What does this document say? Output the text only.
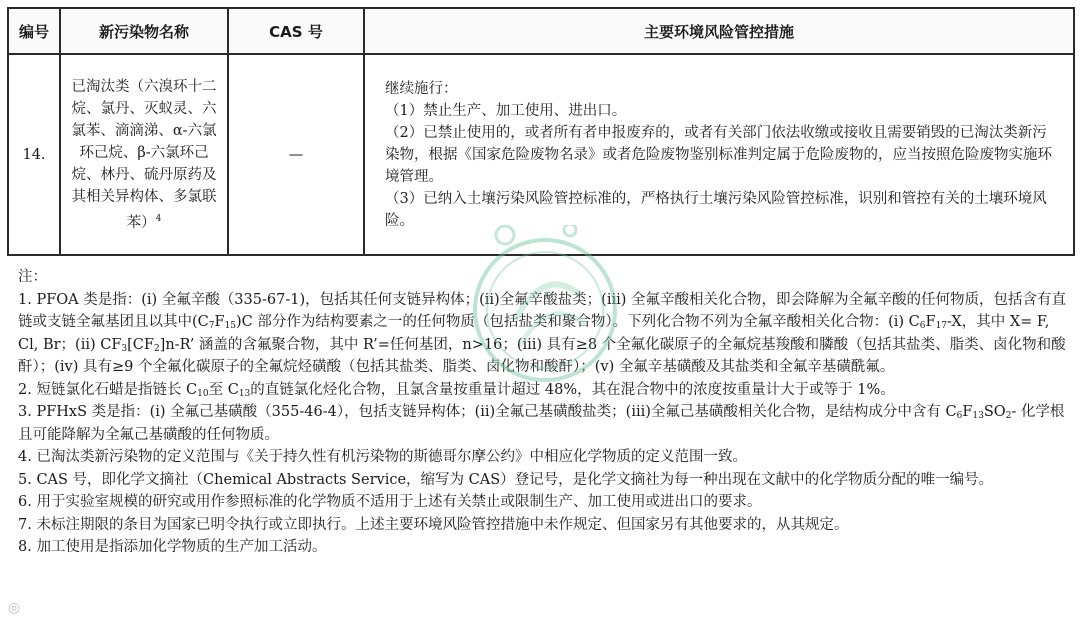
编号	新污染物名称	CAS 号	主要环境风险管控措施
14.	已淘汰类（六溴环十二烷、氯丹、灭蚁灵、六氯苯、滴滴涕、α-六氯环己烷、β-六氯环己烷、林丹、硫丹原药及其相关异构体、多氯联苯）$^4$	—	继续施行：
（1）禁止生产、加工使用、进出口。
（2）已禁止使用的，或者所有者申报废弃的，或者有关部门依法收缴或接收且需要销毁的已淘汰类新污染物，根据《国家危险废物名录》或者危险废物鉴别标准判定属于危险废物的，应当按照危险废物实施环境管理。
（3）已纳入土壤污染风险管控标准的，严格执行土壤污染风险管控标准，识别和管控有关的土壤环境风险。
注：
1. PFOA 类是指：(i) 全氟辛酸（335-67-1)，包括其任何支链异构体；(ii)全氟辛酸盐类；(iii) 全氟辛酸相关化合物，即会降解为全氟辛酸的任何物质，包括含有直链或支链全氟基团且以其中$(C_7F_{15})C$ 部分作为结构要素之一的任何物质（包括盐类和聚合物）。下列化合物不列为全氟辛酸相关化合物：(i) $C_6F_{17}-X$，其中 X= F, Cl, Br；(ii) $CF_3[CF_2]n-R$’ 涵盖的含氟聚合物，其中 R’=任何基团，n>16；(iii) 具有≥8 个全氟化碳原子的全氟烷基羧酸和膦酸（包括其盐类、脂类、卤化物和酸酐）；(iv) 具有≥9 个全氟化碳原子的全氟烷烃磺酸（包括其盐类、脂类、卤化物和酸酐）；(v) 全氟辛基磺酸及其盐类和全氟辛基磺酰氟。
2. 短链氯化石蜡是指链长 $C_{10}$至 $C_{13}$的直链氯化烃化合物，且氯含量按重量计超过 48%，其在混合物中的浓度按重量计大于或等于 1%。
3. PFHxS 类是指：(i) 全氟己基磺酸（355-46-4），包括支链异构体；(ii)全氟己基磺酸盐类；(iii)全氟己基磺酸相关化合物，是结构成分中含有 $C_6F_{13}SO_2-$ 化学根且可能降解为全氟己基磺酸的任何物质。
4. 已淘汰类新污染物的定义范围与《关于持久性有机污染物的斯德哥尔摩公约》中相应化学物质的定义范围一致。
5. CAS 号，即化学文摘社（Chemical Abstracts Service，缩写为 CAS）登记号，是化学文摘社为每一种出现在文献中的化学物质分配的唯一编号。
6. 用于实验室规模的研究或用作参照标准的化学物质不适用于上述有关禁止或限制生产、加工使用或进出口的要求。
7. 未标注期限的条目为国家已明令执行或立即执行。上述主要环境风险管控措施中未作规定、但国家另有其他要求的，从其规定。
8. 加工使用是指添加化学物质的生产加工活动。
◎
